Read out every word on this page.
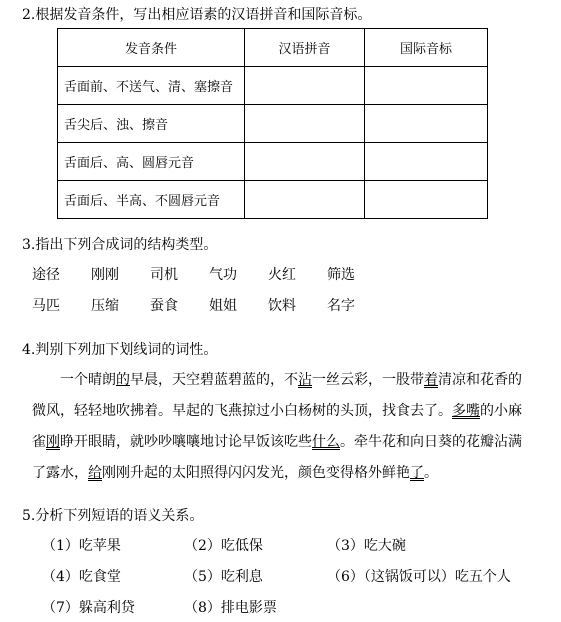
2.根据发音条件，写出相应语素的汉语拼音和国际音标。
发音条件	汉语拼音	国际音标
舌面前、不送气、清、塞擦音		
舌尖后、浊、擦音		
舌面后、高、圆唇元音		
舌面后、半高、不圆唇元音		
3.指出下列合成词的结构类型。
途径 刚刚 司机 气功 火红 筛选
马匹 压缩 蚕食 姐姐 饮料 名字
4.判别下列加下划线词的词性。
一个晴朗的早晨，天空碧蓝碧蓝的，不沾一丝云彩，一股带着清凉和花香的
微风，轻轻地吹拂着。早起的飞燕掠过小白杨树的头顶，找食去了。多嘴的小麻
雀刚睁开眼睛，就吵吵嚷嚷地讨论早饭该吃些什么。牵牛花和向日葵的花瓣沾满
了露水，给刚刚升起的太阳照得闪闪发光，颜色变得格外鲜艳了。
5.分析下列短语的语义关系。
（1）吃苹果	（2）吃低保	（3）吃大碗
（4）吃食堂	（5）吃利息	（6）（这锅饭可以）吃五个人
（7）躲高利贷	（8）排电影票
